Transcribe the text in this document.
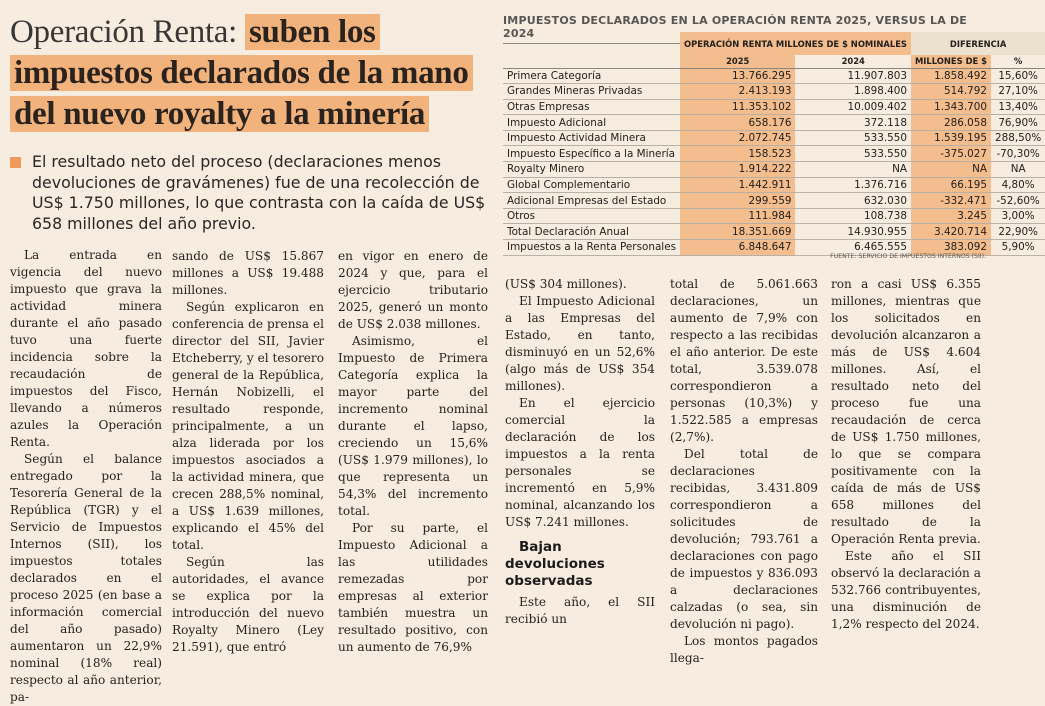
Operación Renta: suben los impuestos declarados de la mano del nuevo royalty a la minería
El resultado neto del proceso (declaraciones menos devoluciones de gravámenes) fue de una recolección de US$ 1.750 millones, lo que contrasta con la caída de US$ 658 millones del año previo.

La entrada en vigencia del nuevo impuesto que grava la actividad minera durante el año pasado tuvo una fuerte incidencia sobre la recaudación de impuestos del Fisco, llevando a números azules la Operación Renta.

Según el balance entregado por la Tesorería General de la República (TGR) y el Servicio de Impuestos Internos (SII), los impuestos totales declarados en el proceso 2025 (en base a información comercial del año pasado) aumentaron un 22,9% nominal (18% real) respecto al año anterior, pa-

sando de US$ 15.867 millones a US$ 19.488 millones.

Según explicaron en conferencia de prensa el director del SII, Javier Etcheberry, y el tesorero general de la República, Hernán Nobizelli, el resultado responde, principalmente, a un alza liderada por los impuestos asociados a la actividad minera, que crecen 288,5% nominal, a US$ 1.639 millones, explicando el 45% del total.

Según las autoridades, el avance se explica por la introducción del nuevo Royalty Minero (Ley 21.591), que entró

en vigor en enero de 2024 y que, para el ejercicio tributario 2025, generó un monto de US$ 2.038 millones.

Asimismo, el Impuesto de Primera Categoría explica la mayor parte del incremento nominal durante el lapso, creciendo un 15,6% (US$ 1.979 millones), lo que representa un 54,3% del incremento total.

Por su parte, el Impuesto Adicional a las utilidades remezadas por empresas al exterior también muestra un resultado positivo, con un aumento de 76,9%

(US$ 304 millones).

El Impuesto Adicional a las Empresas del Estado, en tanto, disminuyó en un 52,6% (algo más de US$ 354 millones).

En el ejercicio comercial la declaración de los impuestos a la renta personales se incrementó en 5,9% nominal, alcanzando los US$ 7.241 millones.

Bajan devoluciones observadas

Este año, el SII recibió un

total de 5.061.663 declaraciones, un aumento de 7,9% con respecto a las recibidas el año anterior. De este total, 3.539.078 correspondieron a personas (10,3%) y 1.522.585 a empresas (2,7%).

Del total de declaraciones recibidas, 3.431.809 correspondieron a solicitudes de devolución; 793.761 a declaraciones con pago de impuestos y 836.093 a declaraciones calzadas (o sea, sin devolución ni pago).

Los montos pagados llega-

ron a casi US$ 6.355 millones, mientras que los solicitados en devolución alcanzaron a más de US$ 4.604 millones. Así, el resultado neto del proceso fue una recaudación de cerca de US$ 1.750 millones, lo que se compara positivamente con la caída de más de US$ 658 millones del resultado de la Operación Renta previa.

Este año el SII observó la declaración a 532.766 contribuyentes, una disminución de 1,2% respecto del 2024.

IMPUESTOS DECLARADOS EN LA OPERACIÓN RENTA 2025, VERSUS LA DE 2024
	OPERACIÓN RENTA MILLONES DE $ NOMINALES		DIFERENCIA	
	2025	2024	MILLONES DE $	%
Primera Categoría	13.766.295	11.907.803	1.858.492	15,60%
Grandes Mineras Privadas	2.413.193	1.898.400	514.792	27,10%
Otras Empresas	11.353.102	10.009.402	1.343.700	13,40%
Impuesto Adicional	658.176	372.118	286.058	76,90%
Impuesto Actividad Minera	2.072.745	533.550	1.539.195	288,50%
Impuesto Específico a la Minería	158.523	533.550	-375.027	-70,30%
Royalty Minero	1.914.222	NA	NA	NA
Global Complementario	1.442.911	1.376.716	66.195	4,80%
Adicional Empresas del Estado	299.559	632.030	-332.471	-52,60%
Otros	111.984	108.738	3.245	3,00%
Total Declaración Anual	18.351.669	14.930.955	3.420.714	22,90%
Impuestos a la Renta Personales	6.848.647	6.465.555	383.092	5,90%
FUENTE: SERVICIO DE IMPUESTOS INTERNOS (SII).
